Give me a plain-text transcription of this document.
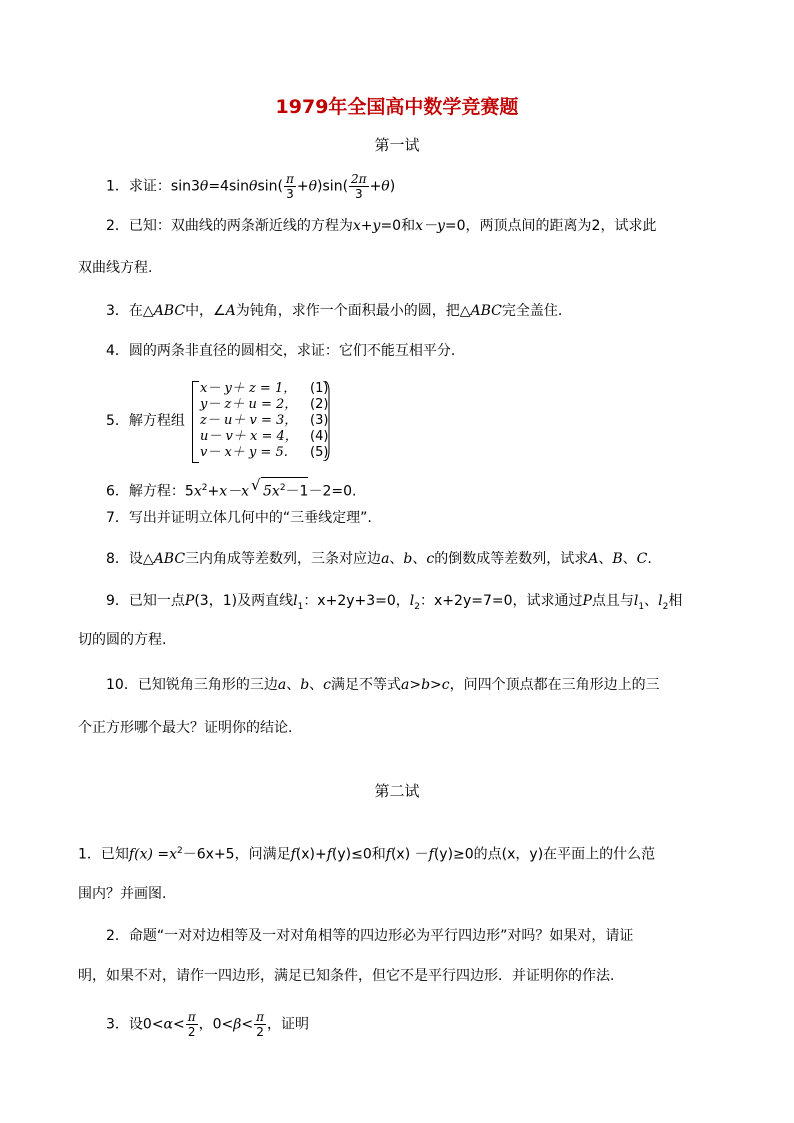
1979年全国高中数学竞赛题
第一试
1．求证：$\sin 3\theta=4\sin\theta\sin( \frac{\pi}{3} +\theta)\sin( \frac{2\pi}{3} +\theta)$
2．已知：双曲线的两条渐近线的方程为x+y=0和x－y=0，两顶点间的距离为2，试求此
双曲线方程.
3．在△ABC中，∠A为钝角，求作一个面积最小的圆，把△ABC完全盖住.
4．圆的两条非直径的圆相交，求证：它们不能互相平分.
5．解方程组
x－ y＋ z = 1， (1)
y－ z＋ u = 2， (2)
z－ u＋ v = 3， (3)
u－ v＋ x = 4， (4)
v－ x＋ y = 5. (5)
6．解方程：$5x^2+x-x√$ $5x^2-1-2=0$.
7．写出并证明立体几何中的“三垂线定理”.
8．设△ABC三内角成等差数列，三条对应边a、b、c的倒数成等差数列，试求A、B、C.
9．已知一点P(3，1)及两直线$l_1$：x+2y+3=0，$l_2$：x+2y=7=0，试求通过P点且与$l_1$、$l_2$相
切的圆的方程.
10．已知锐角三角形的三边a、b、c满足不等式a>b>c，问四个顶点都在三角形边上的三
个正方形哪个最大？证明你的结论.
第二试
1．已知$f(x) =x^2-6x+5$，问满足f(x)+f(y)≤0和f(x) －f(y)≥0的点(x，y)在平面上的什么范
围内？并画图.
2．命题“一对对边相等及一对对角相等的四边形必为平行四边形”对吗？如果对，请证
明，如果不对，请作一四边形，满足已知条件，但它不是平行四边形．并证明你的作法.
3．设$0<\alpha< \frac{\pi}{2}$ ，$0<\beta< \frac{\pi}{2}$ ，证明
